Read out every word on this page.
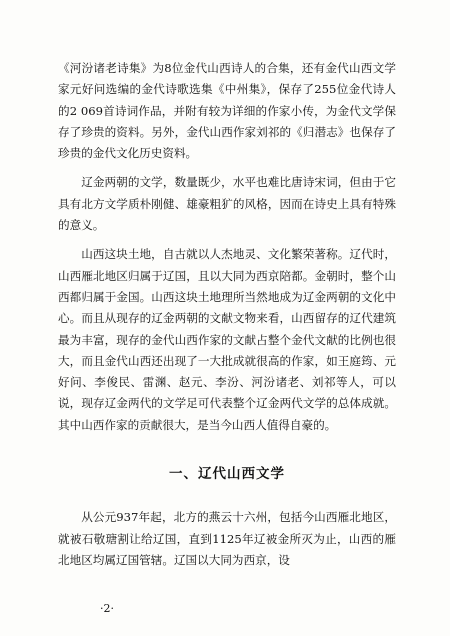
《河汾诸老诗集》为8位金代山西诗人的合集，还有金代山西文学家元好问选编的金代诗歌选集《中州集》，保存了255位金代诗人的2 069首诗词作品，并附有较为详细的作家小传，为金代文学保存了珍贵的资料。另外，金代山西作家刘祁的《归潜志》也保存了珍贵的金代文化历史资料。

辽金两朝的文学，数量既少，水平也难比唐诗宋词，但由于它具有北方文学质朴刚健、雄豪粗犷的风格，因而在诗史上具有特殊的意义。

山西这块土地，自古就以人杰地灵、文化繁荣著称。辽代时，山西雁北地区归属于辽国，且以大同为西京陪都。金朝时，整个山西都归属于金国。山西这块土地理所当然地成为辽金两朝的文化中心。而且从现存的辽金两朝的文献文物来看，山西留存的辽代建筑最为丰富，现存的金代山西作家的文献占整个金代文献的比例也很大，而且金代山西还出现了一大批成就很高的作家，如王庭筠、元好问、李俊民、雷渊、赵元、李汾、河汾诸老、刘祁等人，可以说，现存辽金两代的文学足可代表整个辽金两代文学的总体成就。其中山西作家的贡献很大，是当今山西人值得自豪的。

一、辽代山西文学

从公元937年起，北方的燕云十六州，包括今山西雁北地区，就被石敬瑭割让给辽国，直到1125年辽被金所灭为止，山西的雁北地区均属辽国管辖。辽国以大同为西京，设

·2·
